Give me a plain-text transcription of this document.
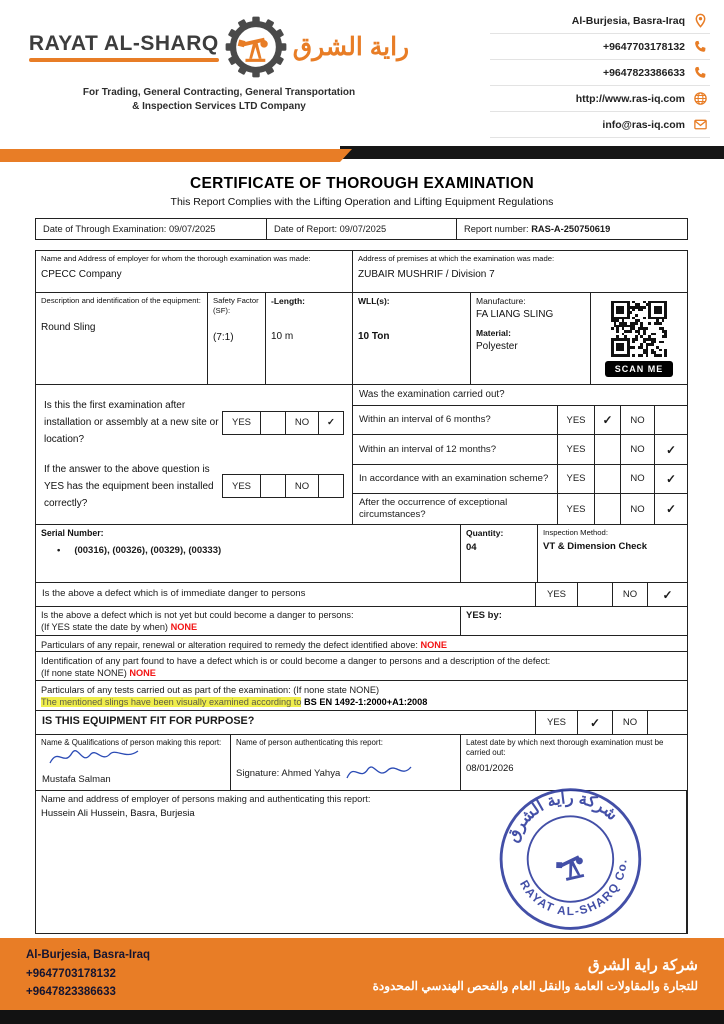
RAYAT AL-SHARQ	راية الشرق
For Trading, General Contracting, General Transportation
& Inspection Services LTD Company
Al-Burjesia, Basra-Iraq
+9647703178132
+9647823386633
http://www.ras-iq.com
info@ras-iq.com
CERTIFICATE OF THOROUGH EXAMINATION
This Report Complies with the Lifting Operation and Lifting Equipment Regulations
Date of Through Examination: 09/07/2025	Date of Report: 09/07/2025	Report number: RAS-A-250750619
Name and Address of employer for whom the thorough examination was made:
CPECC Company
Address of premises at which the examination was made:
ZUBAIR MUSHRIF / Division 7
Description and identification of the equipment:
Round Sling
Safety Factor (SF):
(7:1)
-Length:
10 m
WLL(s):
10 Ton
Manufacture:
FA LIANG SLING
Material:
Polyester
SCAN ME
Is this the first examination after installation or assembly at a new site or location?
YES	NO	✓
If the answer to the above question is YES has the equipment been installed correctly?
YES	NO
Was the examination carried out?
Within an interval of 6 months?	YES	✓	NO
Within an interval of 12 months?	YES	NO	✓
In accordance with an examination scheme?	YES	NO	✓
After the occurrence of exceptional circumstances?	YES	NO	✓
Serial Number:
• (00316), (00326), (00329), (00333)
Quantity:
04
Inspection Method:
VT & Dimension Check
Is the above a defect which is of immediate danger to persons	YES	NO	✓
Is the above a defect which is not yet but could become a danger to persons:
(If YES state the date by when) NONE
YES by:
Particulars of any repair, renewal or alteration required to remedy the defect identified above: NONE
Identification of any part found to have a defect which is or could become a danger to persons and a description of the defect:
(If none state NONE) NONE
Particulars of any tests carried out as part of the examination: (If none state NONE)
The mentioned slings have been visually examined according to BS EN 1492-1:2000+A1:2008
IS THIS EQUIPMENT FIT FOR PURPOSE?	YES	✓	NO
Name & Qualifications of person making this report:
Mustafa Salman
Name of person authenticating this report:
Signature: Ahmed Yahya
Latest date by which next thorough examination must be carried out:
08/01/2026
Name and address of employer of persons making and authenticating this report:
Hussein Ali Hussein, Basra, Burjesia
شركة راية الشرق
RAYAT AL-SHARQ Co.
Al-Burjesia, Basra-Iraq
+9647703178132
+9647823386633
شركة راية الشرق
للتجارة والمقاولات العامة والنقل العام والفحص الهندسي المحدودة
